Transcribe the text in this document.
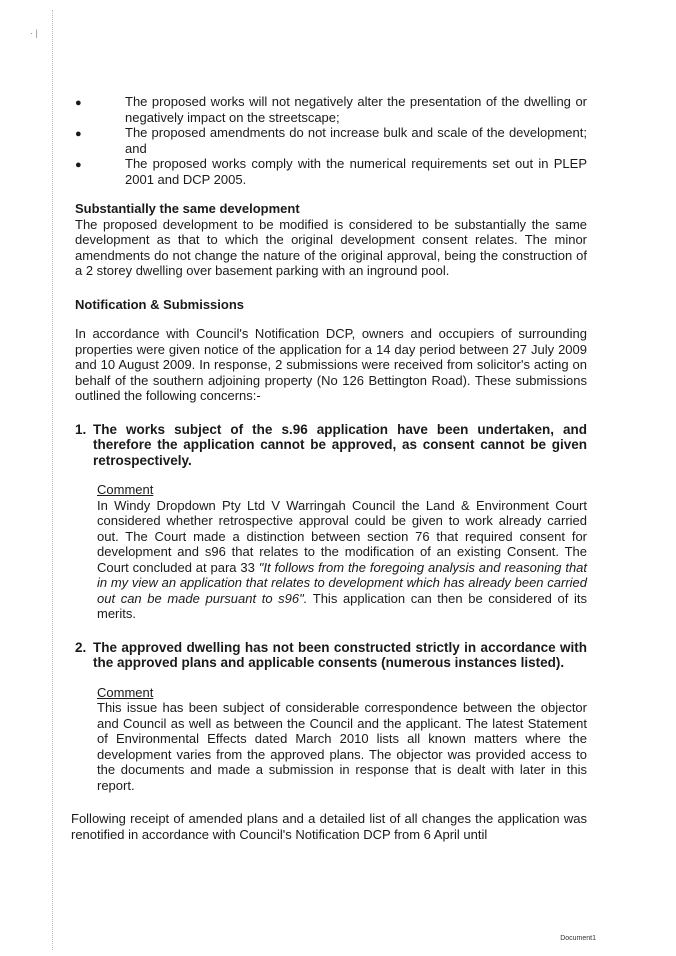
· |
●	The proposed works will not negatively alter the presentation of the dwelling or negatively impact on the streetscape;
●	The proposed amendments do not increase bulk and scale of the development; and
●	The proposed works comply with the numerical requirements set out in PLEP 2001 and DCP 2005.
Substantially the same development

The proposed development to be modified is considered to be substantially the same development as that to which the original development consent relates. The minor amendments do not change the nature of the original approval, being the construction of a 2 storey dwelling over basement parking with an inground pool.

Notification & Submissions

In accordance with Council's Notification DCP, owners and occupiers of surrounding properties were given notice of the application for a 14 day period between 27 July 2009 and 10 August 2009. In response, 2 submissions were received from solicitor's acting on behalf of the southern adjoining property (No 126 Bettington Road). These submissions outlined the following concerns:-

1. The works subject of the s.96 application have been undertaken, and therefore the application cannot be approved, as consent cannot be given retrospectively.
Comment

In Windy Dropdown Pty Ltd V Warringah Council the Land & Environment Court considered whether retrospective approval could be given to work already carried out. The Court made a distinction between section 76 that required consent for development and s96 that relates to the modification of an existing Consent. The Court concluded at para 33 "It follows from the foregoing analysis and reasoning that in my view an application that relates to development which has already been carried out can be made pursuant to s96". This application can then be considered of its merits.

2. The approved dwelling has not been constructed strictly in accordance with the approved plans and applicable consents (numerous instances listed).
Comment

This issue has been subject of considerable correspondence between the objector and Council as well as between the Council and the applicant. The latest Statement of Environmental Effects dated March 2010 lists all known matters where the development varies from the approved plans. The objector was provided access to the documents and made a submission in response that is dealt with later in this report.

Following receipt of amended plans and a detailed list of all changes the application was renotified in accordance with Council's Notification DCP from 6 April until

Document1
